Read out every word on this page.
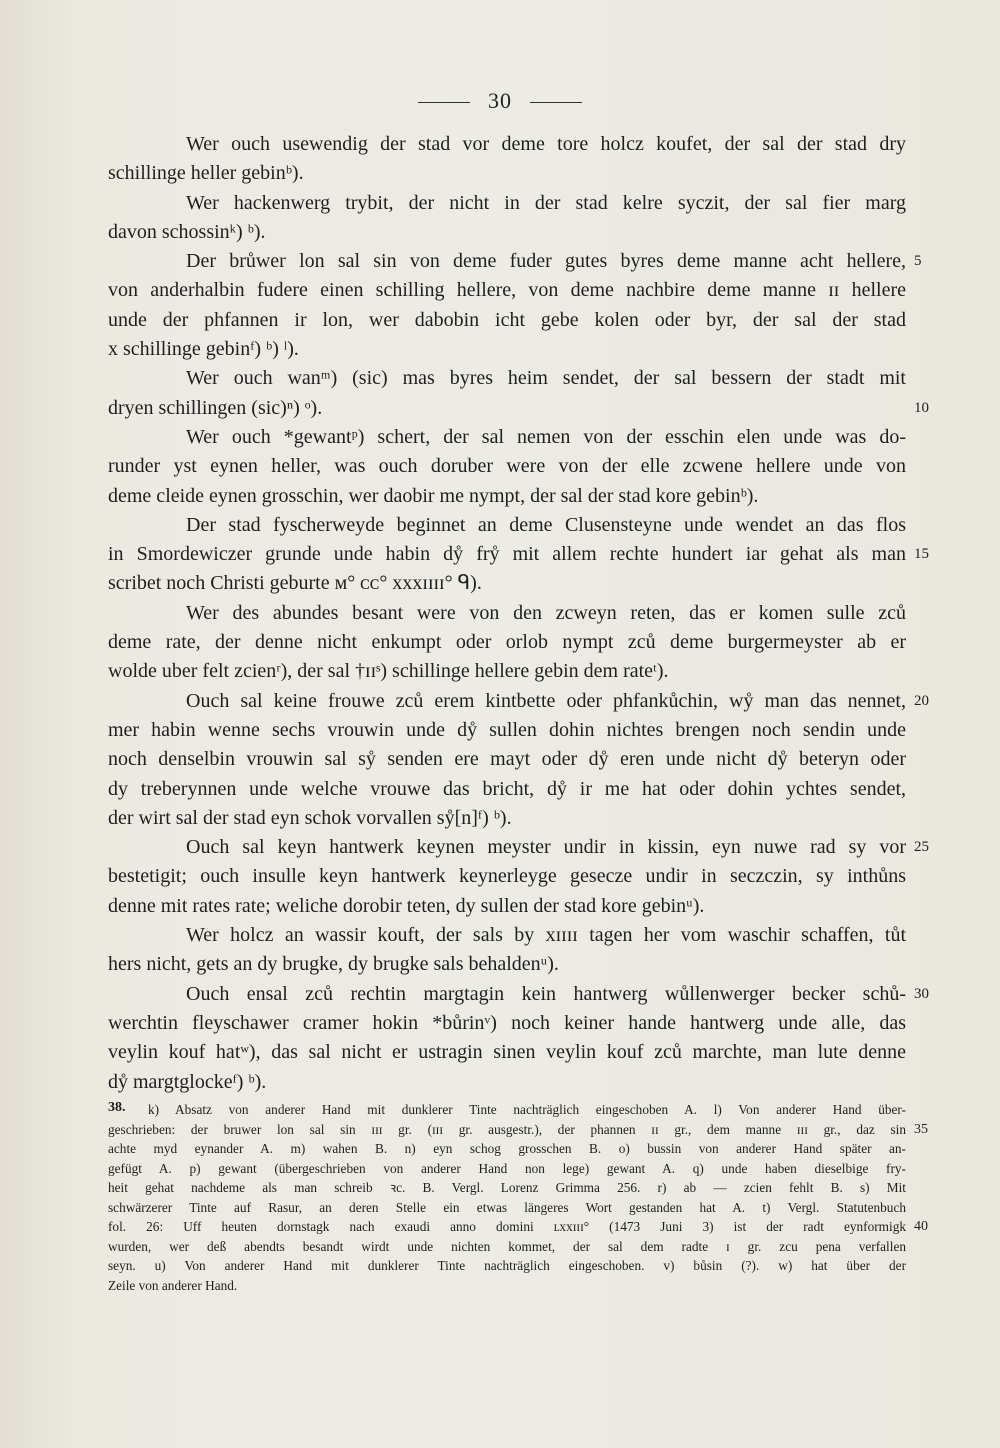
30
Wer ouch usewendig der stad vor deme tore holcz koufet, der sal der stad dry
schillinge heller gebinᵇ).
Wer hackenwerg trybit, der nicht in der stad kelre syczit, der sal fier marg
davon schossinᵏ) ᵇ).
Der brůwer lon sal sin von deme fuder gutes byres deme manne acht hellere, 5
von anderhalbin fudere einen schilling hellere, von deme nachbire deme manne ɪɪ hellere
unde der phfannen ir lon, wer dabobin icht gebe kolen oder byr, der sal der stad
x schillinge gebinᶠ) ᵇ) ˡ).
Wer ouch wanᵐ) (sic) mas byres heim sendet, der sal bessern der stadt mit
dryen schillingen (sic)ⁿ) ᵒ).	10
Wer ouch *gewantᵖ) schert, der sal nemen von der esschin elen unde was do-
runder yst eynen heller, was ouch doruber were von der elle zcwene hellere unde von
deme cleide eynen grosschin, wer daobir me nympt, der sal der stad kore gebinᵇ).
Der stad fyscherweyde beginnet an deme Clusensteyne unde wendet an das flos
in Smordewiczer grunde unde habin dẙ frẙ mit allem rechte hundert iar gehat als man 15
scribet noch Christi geburte ᴍ° ᴄᴄ° xxxɪɪɪɪ° ᑫ).
Wer des abundes besant were von den zcweyn reten, das er komen sulle zců
deme rate, der denne nicht enkumpt oder orlob nympt zců deme burgermeyster ab er
wolde uber felt zcienʳ), der sal †ɪɪˢ) schillinge hellere gebin dem rateᵗ).
Ouch sal keine frouwe zců erem kintbette oder phfankůchin, wẙ man das nennet, 20
mer habin wenne sechs vrouwin unde dẙ sullen dohin nichtes brengen noch sendin unde
noch denselbin vrouwin sal sẙ senden ere mayt oder dẙ eren unde nicht dẙ beteryn oder
dy treberynnen unde welche vrouwe das bricht, dẙ ir me hat oder dohin ychtes sendet,
der wirt sal der stad eyn schok vorvallen sẙ[n]ᶠ) ᵇ).
Ouch sal keyn hantwerk keynen meyster undir in kissin, eyn nuwe rad sy vor 25
bestetigit; ouch insulle keyn hantwerk keynerleyge gesecze undir in seczczin, sy inthůns
denne mit rates rate; weliche dorobir teten, dy sullen der stad kore gebinᵘ).
Wer holcz an wassir kouft, der sals by xɪɪɪɪ tagen her vom waschir schaffen, tůt
hers nicht, gets an dy brugke, dy brugke sals behaldenᵘ).
Ouch ensal zců rechtin margtagin kein hantwerg wůllenwerger becker schů- 30
werchtin fleyschawer cramer hokin *bůrinᵛ) noch keiner hande hantwerg unde alle, das
veylin kouf hatʷ), das sal nicht er ustragin sinen veylin kouf zců marchte, man lute denne
dẙ margtglockeᶠ) ᵇ).
k) Absatz von anderer Hand mit dunklerer Tinte nachträglich eingeschoben A. l) Von anderer Hand über-
geschrieben: der bruwer lon sal sin ɪɪɪ gr. (ɪɪɪ gr. ausgestr.), der phannen ɪɪ gr., dem manne ɪɪɪ gr., daz sin 35
achte myd eynander A. m) wahen B. n) eyn schog grosschen B. o) bussin von anderer Hand später an-
gefügt A. p) gewant (übergeschrieben von anderer Hand non lege) gewant A. q) unde haben dieselbige fry-
heit gehat nachdeme als man schreib ꝛc. B. Vergl. Lorenz Grimma 256. r) ab — zcien fehlt B. s) Mit
schwärzerer Tinte auf Rasur, an deren Stelle ein etwas längeres Wort gestanden hat A. t) Vergl. Statutenbuch
fol. 26: Uff heuten dornstagk nach exaudi anno domini ʟxxɪɪɪ° (1473 Juni 3) ist der radt eynformigk 40
wurden, wer deß abendts besandt wirdt unde nichten kommet, der sal dem radte ɪ gr. zcu pena verfallen
seyn. u) Von anderer Hand mit dunklerer Tinte nachträglich eingeschoben. v) bůsin (?). w) hat über der
Zeile von anderer Hand.
38.
